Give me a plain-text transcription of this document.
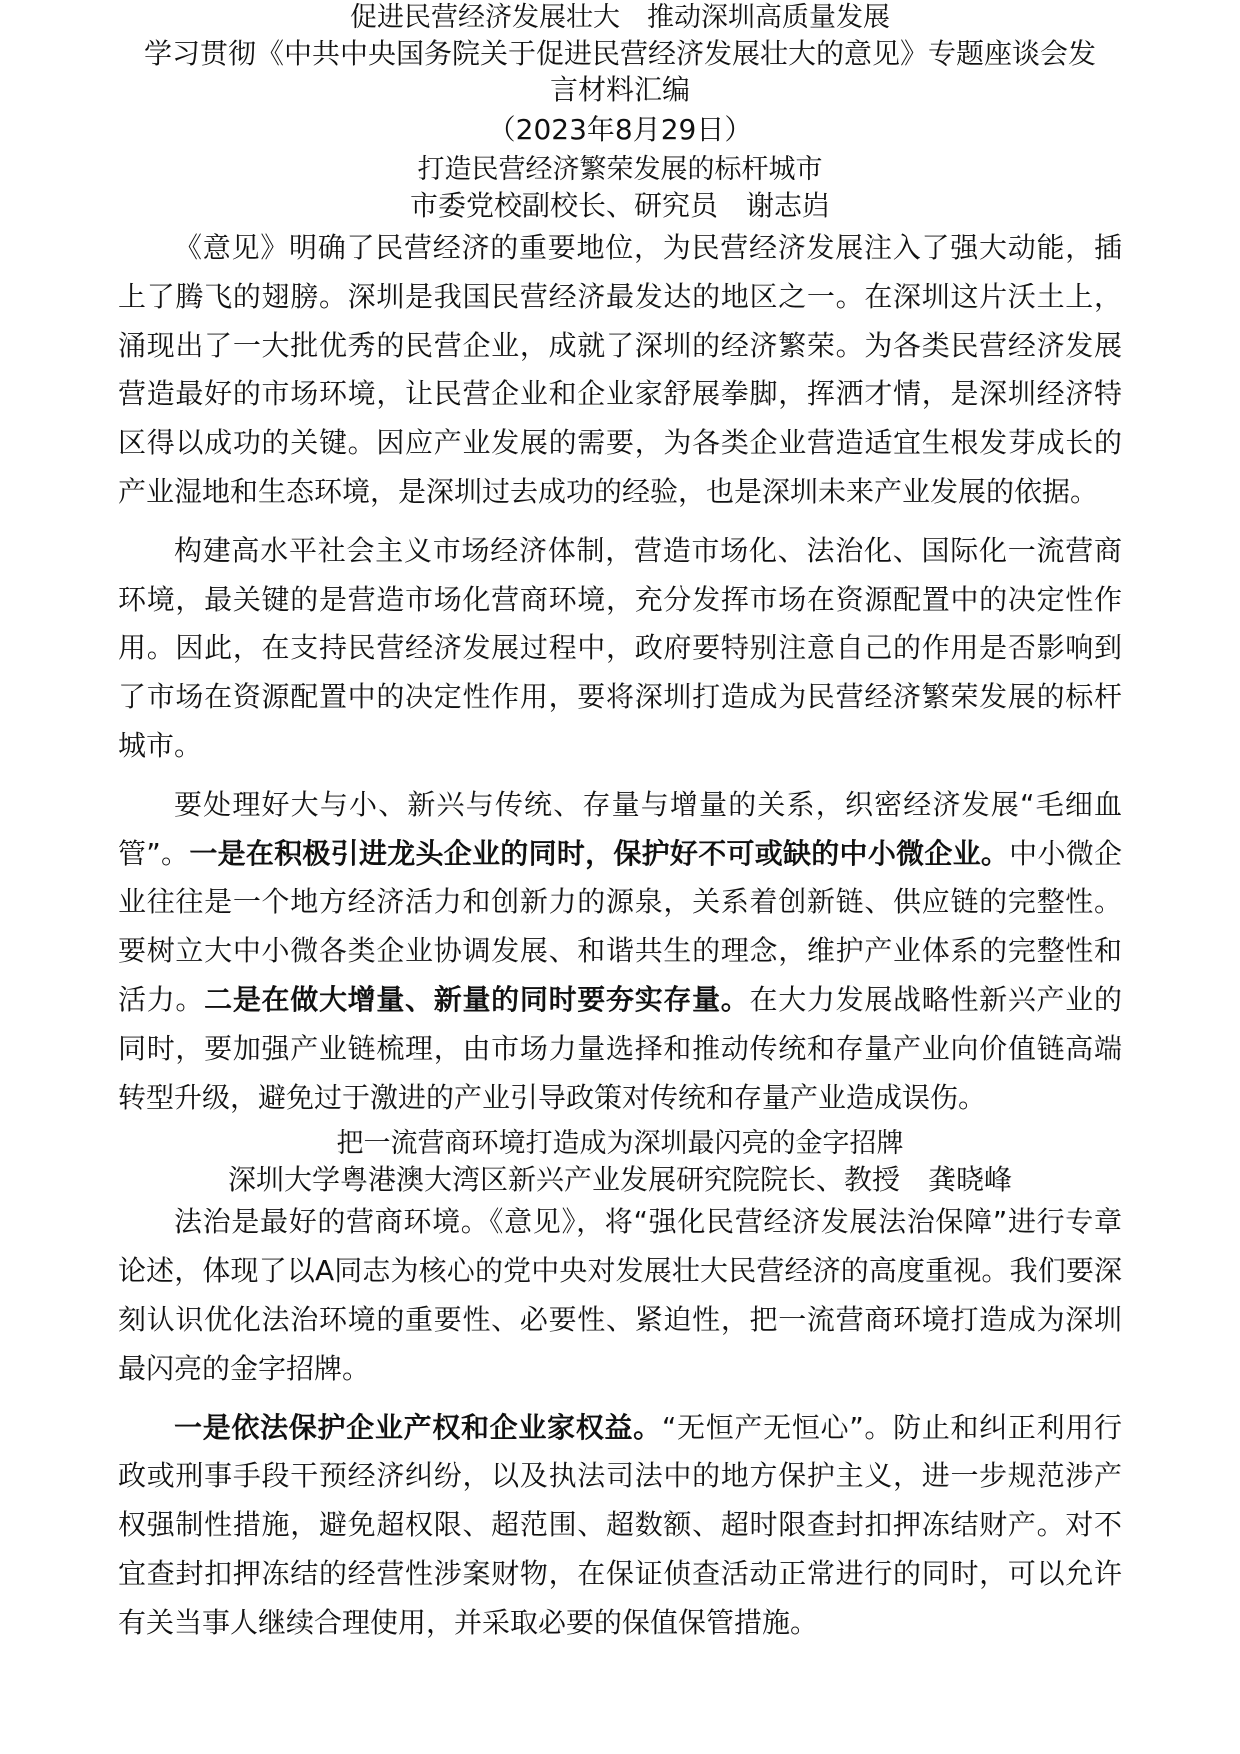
促进民营经济发展壮大　推动深圳高质量发展
学习贯彻《中共中央国务院关于促进民营经济发展壮大的意见》专题座谈会发
言材料汇编
（2023年8月29日）
打造民营经济繁荣发展的标杆城市
市委党校副校长、研究员　谢志岿

《意见》明确了民营经济的重要地位，为民营经济发展注入了强大动能，插上了腾飞的翅膀。深圳是我国民营经济最发达的地区之一。在深圳这片沃土上，涌现出了一大批优秀的民营企业，成就了深圳的经济繁荣。为各类民营经济发展营造最好的市场环境，让民营企业和企业家舒展拳脚，挥洒才情，是深圳经济特区得以成功的关键。因应产业发展的需要，为各类企业营造适宜生根发芽成长的产业湿地和生态环境，是深圳过去成功的经验，也是深圳未来产业发展的依据。

构建高水平社会主义市场经济体制，营造市场化、法治化、国际化一流营商环境，最关键的是营造市场化营商环境，充分发挥市场在资源配置中的决定性作用。因此，在支持民营经济发展过程中，政府要特别注意自己的作用是否影响到了市场在资源配置中的决定性作用，要将深圳打造成为民营经济繁荣发展的标杆城市。

要处理好大与小、新兴与传统、存量与增量的关系，织密经济发展“毛细血管”。一是在积极引进龙头企业的同时，保护好不可或缺的中小微企业。中小微企业往往是一个地方经济活力和创新力的源泉，关系着创新链、供应链的完整性。要树立大中小微各类企业协调发展、和谐共生的理念，维护产业体系的完整性和活力。二是在做大增量、新量的同时要夯实存量。在大力发展战略性新兴产业的同时，要加强产业链梳理，由市场力量选择和推动传统和存量产业向价值链高端转型升级，避免过于激进的产业引导政策对传统和存量产业造成误伤。

把一流营商环境打造成为深圳最闪亮的金字招牌
深圳大学粤港澳大湾区新兴产业发展研究院院长、教授　龚晓峰

法治是最好的营商环境。《意见》，将“强化民营经济发展法治保障”进行专章论述，体现了以A同志为核心的党中央对发展壮大民营经济的高度重视。我们要深刻认识优化法治环境的重要性、必要性、紧迫性，把一流营商环境打造成为深圳最闪亮的金字招牌。

一是依法保护企业产权和企业家权益。“无恒产无恒心”。防止和纠正利用行政或刑事手段干预经济纠纷，以及执法司法中的地方保护主义，进一步规范涉产权强制性措施，避免超权限、超范围、超数额、超时限查封扣押冻结财产。对不宜查封扣押冻结的经营性涉案财物，在保证侦查活动正常进行的同时，可以允许有关当事人继续合理使用，并采取必要的保值保管措施。
